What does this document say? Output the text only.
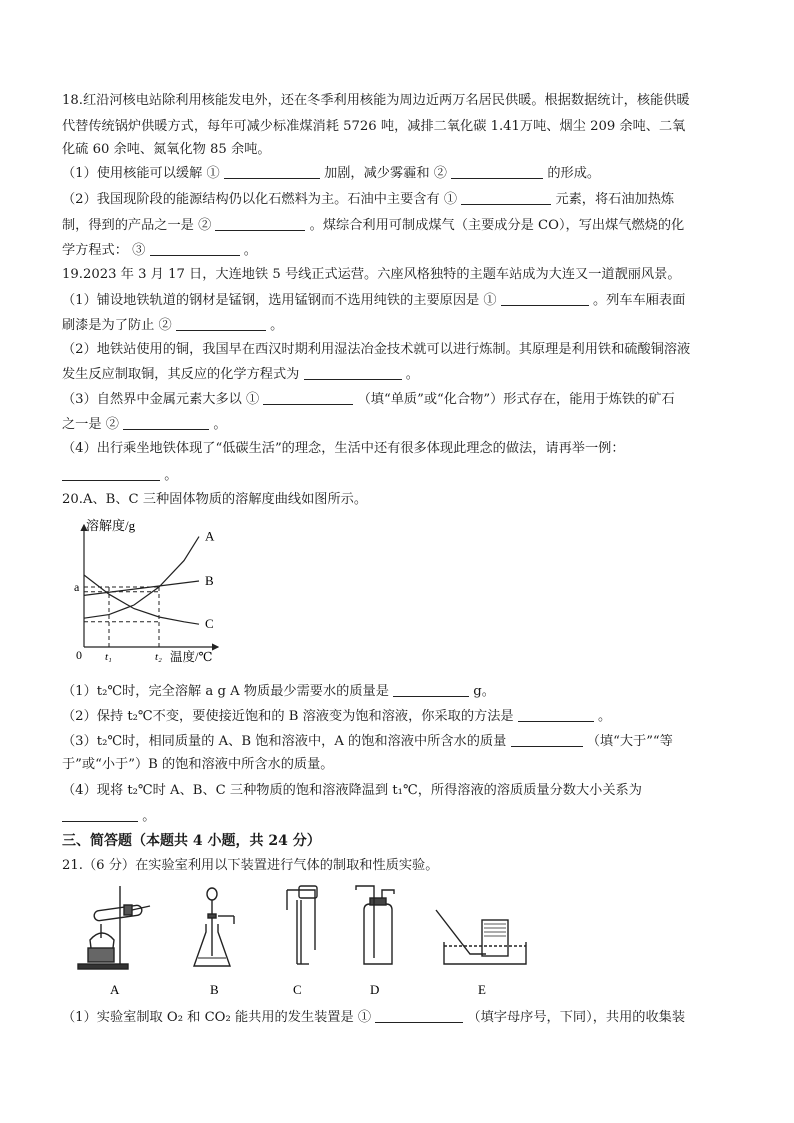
18.红沿河核电站除利用核能发电外，还在冬季利用核能为周边近两万名居民供暖。根据数据统计，核能供暖
代替传统锅炉供暖方式，每年可减少标准煤消耗 5726 吨，减排二氧化碳 1.41万吨、烟尘 209 余吨、二氧
化硫 60 余吨、氮氧化物 85 余吨。
（1）使用核能可以缓解 ①	加剧，减少雾霾和 ②	的形成。
（2）我国现阶段的能源结构仍以化石燃料为主。石油中主要含有 ①	元素，将石油加热炼
制，得到的产品之一是 ②	。煤综合利用可制成煤气（主要成分是 CO），写出煤气燃烧的化
学方程式： ③	。
19.2023 年 3 月 17 日，大连地铁 5 号线正式运营。六座风格独特的主题车站成为大连又一道靓丽风景。
（1）铺设地铁轨道的钢材是锰钢，选用锰钢而不选用纯铁的主要原因是 ①	。列车车厢表面
刷漆是为了防止 ②	。
（2）地铁站使用的铜，我国早在西汉时期利用湿法冶金技术就可以进行炼制。其原理是利用铁和硫酸铜溶液
发生反应制取铜，其反应的化学方程式为	。
（3）自然界中金属元素大多以 ①	（填“单质”或“化合物”）形式存在，能用于炼铁的矿石
之一是 ②	。
（4）出行乘坐地铁体现了“低碳生活”的理念，生活中还有很多体现此理念的做法，请再举一例：
。
20.A、B、C 三种固体物质的溶解度曲线如图所示。
溶解度/g
温度/℃
0
A
B
C
a
t₁	t₂
（1）t₂℃时，完全溶解 a g A 物质最少需要水的质量是	g。
（2）保持 t₂℃不变，要使接近饱和的 B 溶液变为饱和溶液，你采取的方法是	。
（3）t₂℃时，相同质量的 A、B 饱和溶液中，A 的饱和溶液中所含水的质量	（填“大于”“等
于”或“小于”）B 的饱和溶液中所含水的质量。
（4）现将 t₂℃时 A、B、C 三种物质的饱和溶液降温到 t₁℃，所得溶液的溶质质量分数大小关系为
。
三、简答题（本题共 4 小题，共 24 分）
21.（6 分）在实验室利用以下装置进行气体的制取和性质实验。
A	B	C	D	E
（1）实验室制取 O₂ 和 CO₂ 能共用的发生装置是 ①	（填字母序号，下同），共用的收集装
